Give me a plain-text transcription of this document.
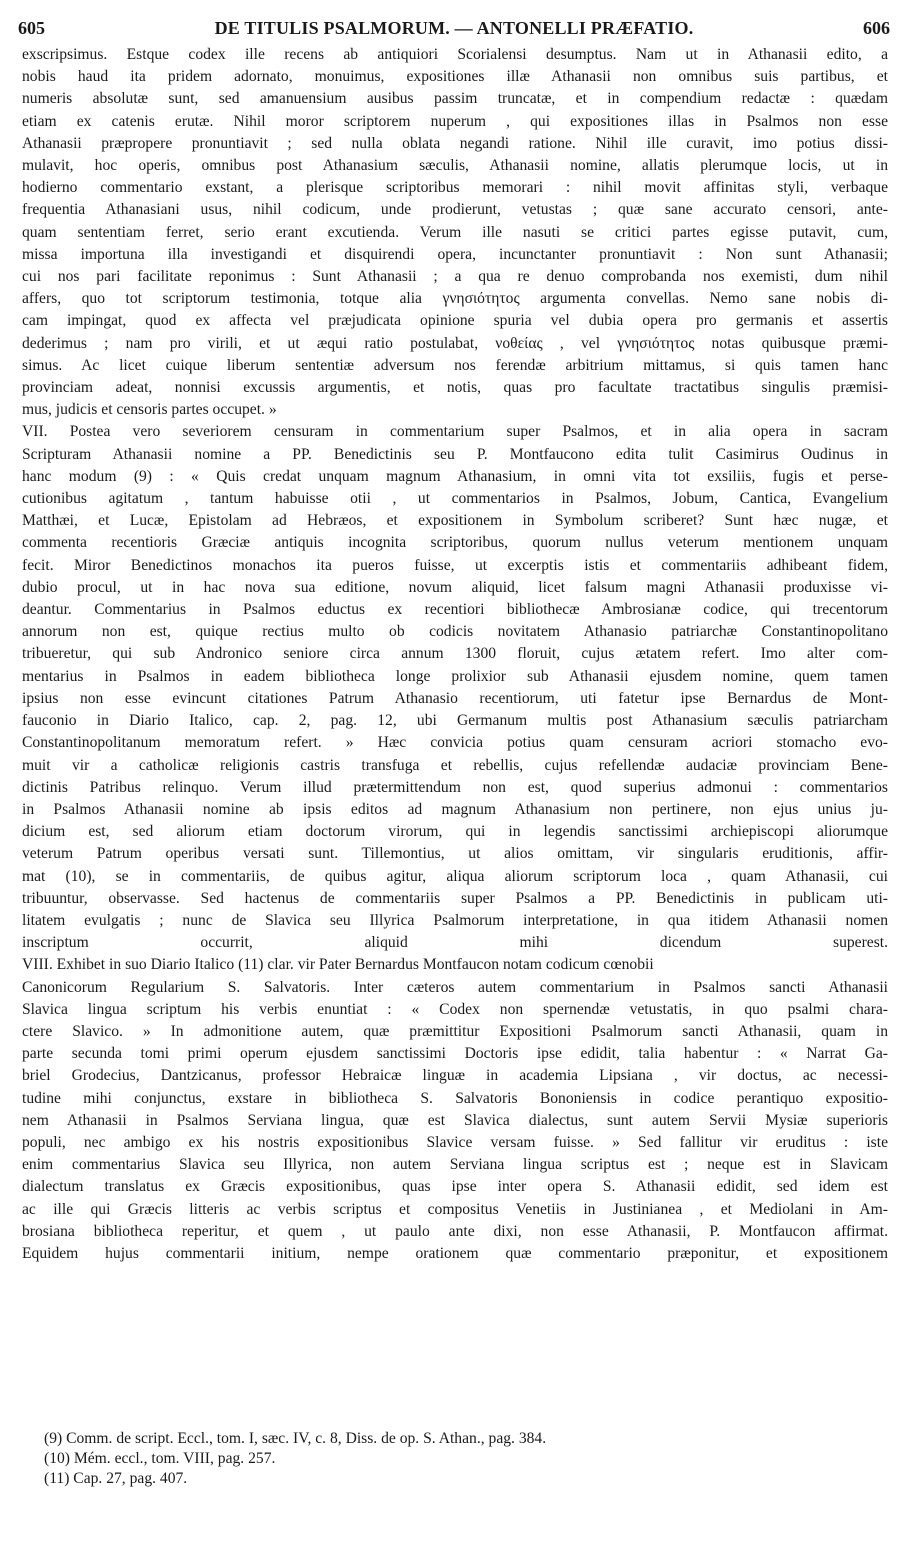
605	DE TITULIS PSALMORUM. — ANTONELLI PRÆFATIO.	606
exscripsimus. Estque codex ille recens ab antiquiori Scorialensi desumptus. Nam ut in Athanasii edito, a
nobis haud ita pridem adornato, monuimus, expositiones illæ Athanasii non omnibus suis partibus, et
numeris absolutæ sunt, sed amanuensium ausibus passim truncatæ, et in compendium redactæ : quædam
etiam ex catenis erutæ. Nihil moror scriptorem nuperum , qui expositiones illas in Psalmos non esse
Athanasii præpropere pronuntiavit ; sed nulla oblata negandi ratione. Nihil ille curavit, imo potius dissi-
mulavit, hoc operis, omnibus post Athanasium sæculis, Athanasii nomine, allatis plerumque locis, ut in
hodierno commentario exstant, a plerisque scriptoribus memorari : nihil movit affinitas styli, verbaque
frequentia Athanasiani usus, nihil codicum, unde prodierunt, vetustas ; quæ sane accurato censori, ante-
quam sententiam ferret, serio erant excutienda. Verum ille nasuti se critici partes egisse putavit, cum,
missa importuna illa investigandi et disquirendi opera, incunctanter pronuntiavit : Non sunt Athanasii;
cui nos pari facilitate reponimus : Sunt Athanasii ; a qua re denuo comprobanda nos exemisti, dum nihil
affers, quo tot scriptorum testimonia, totque alia γνησιότητος argumenta convellas. Nemo sane nobis di-
cam impingat, quod ex affecta vel præjudicata opinione spuria vel dubia opera pro germanis et assertis
dederimus ; nam pro virili, et ut æqui ratio postulabat, νοθείας , vel γνησιότητος notas quibusque præmi-
simus. Ac licet cuique liberum sententiæ adversum nos ferendæ arbitrium mittamus, si quis tamen hanc
provinciam adeat, nonnisi excussis argumentis, et notis, quas pro facultate tractatibus singulis præmisi-
mus, judicis et censoris partes occupet. »
VII. Postea vero severiorem censuram in commentarium super Psalmos, et in alia opera in sacram
Scripturam Athanasii nomine a PP. Benedictinis seu P. Montfaucono edita tulit Casimirus Oudinus in
hanc modum (9) : « Quis credat unquam magnum Athanasium, in omni vita tot exsiliis, fugis et perse-
cutionibus agitatum , tantum habuisse otii , ut commentarios in Psalmos, Jobum, Cantica, Evangelium
Matthæi, et Lucæ, Epistolam ad Hebræos, et expositionem in Symbolum scriberet? Sunt hæc nugæ, et
commenta recentioris Græciæ antiquis incognita scriptoribus, quorum nullus veterum mentionem unquam
fecit. Miror Benedictinos monachos ita pueros fuisse, ut excerptis istis et commentariis adhibeant fidem,
dubio procul, ut in hac nova sua editione, novum aliquid, licet falsum magni Athanasii produxisse vi-
deantur. Commentarius in Psalmos eductus ex recentiori bibliothecæ Ambrosianæ codice, qui trecentorum
annorum non est, quique rectius multo ob codicis novitatem Athanasio patriarchæ Constantinopolitano
tribueretur, qui sub Andronico seniore circa annum 1300 floruit, cujus ætatem refert. Imo alter com-
mentarius in Psalmos in eadem bibliotheca longe prolixior sub Athanasii ejusdem nomine, quem tamen
ipsius non esse evincunt citationes Patrum Athanasio recentiorum, uti fatetur ipse Bernardus de Mont-
fauconio in Diario Italico, cap. 2, pag. 12, ubi Germanum multis post Athanasium sæculis patriarcham
Constantinopolitanum memoratum refert. » Hæc convicia potius quam censuram acriori stomacho evo-
muit vir a catholicæ religionis castris transfuga et rebellis, cujus refellendæ audaciæ provinciam Bene-
dictinis Patribus relinquo. Verum illud prætermittendum non est, quod superius admonui : commentarios
in Psalmos Athanasii nomine ab ipsis editos ad magnum Athanasium non pertinere, non ejus unius ju-
dicium est, sed aliorum etiam doctorum virorum, qui in legendis sanctissimi archiepiscopi aliorumque
veterum Patrum operibus versati sunt. Tillemontius, ut alios omittam, vir singularis eruditionis, affir-
mat (10), se in commentariis, de quibus agitur, aliqua aliorum scriptorum loca , quam Athanasii, cui
tribuuntur, observasse. Sed hactenus de commentariis super Psalmos a PP. Benedictinis in publicam uti-
litatem evulgatis ; nunc de Slavica seu Illyrica Psalmorum interpretatione, in qua itidem Athanasii nomen
inscriptum occurrit, aliquid mihi dicendum superest.
VIII. Exhibet in suo Diario Italico (11) clar. vir Pater Bernardus Montfaucon notam codicum cœnobii
Canonicorum Regularium S. Salvatoris. Inter cæteros autem commentarium in Psalmos sancti Athanasii
Slavica lingua scriptum his verbis enuntiat : « Codex non spernendæ vetustatis, in quo psalmi chara-
ctere Slavico. » In admonitione autem, quæ præmittitur Expositioni Psalmorum sancti Athanasii, quam in
parte secunda tomi primi operum ejusdem sanctissimi Doctoris ipse edidit, talia habentur : « Narrat Ga-
briel Grodecius, Dantzicanus, professor Hebraicæ linguæ in academia Lipsiana , vir doctus, ac necessi-
tudine mihi conjunctus, exstare in bibliotheca S. Salvatoris Bononiensis in codice perantiquo expositio-
nem Athanasii in Psalmos Serviana lingua, quæ est Slavica dialectus, sunt autem Servii Mysiæ superioris
populi, nec ambigo ex his nostris expositionibus Slavice versam fuisse. » Sed fallitur vir eruditus : iste
enim commentarius Slavica seu Illyrica, non autem Serviana lingua scriptus est ; neque est in Slavicam
dialectum translatus ex Græcis expositionibus, quas ipse inter opera S. Athanasii edidit, sed idem est
ac ille qui Græcis litteris ac verbis scriptus et compositus Venetiis in Justinianea , et Mediolani in Am-
brosiana bibliotheca reperitur, et quem , ut paulo ante dixi, non esse Athanasii, P. Montfaucon affirmat.
Equidem hujus commentarii initium, nempe orationem quæ commentario præponitur, et expositionem
(9) Comm. de script. Eccl., tom. I, sæc. IV, c. 8, Diss. de op. S. Athan., pag. 384.
(10) Mém. eccl., tom. VIII, pag. 257.
(11) Cap. 27, pag. 407.
